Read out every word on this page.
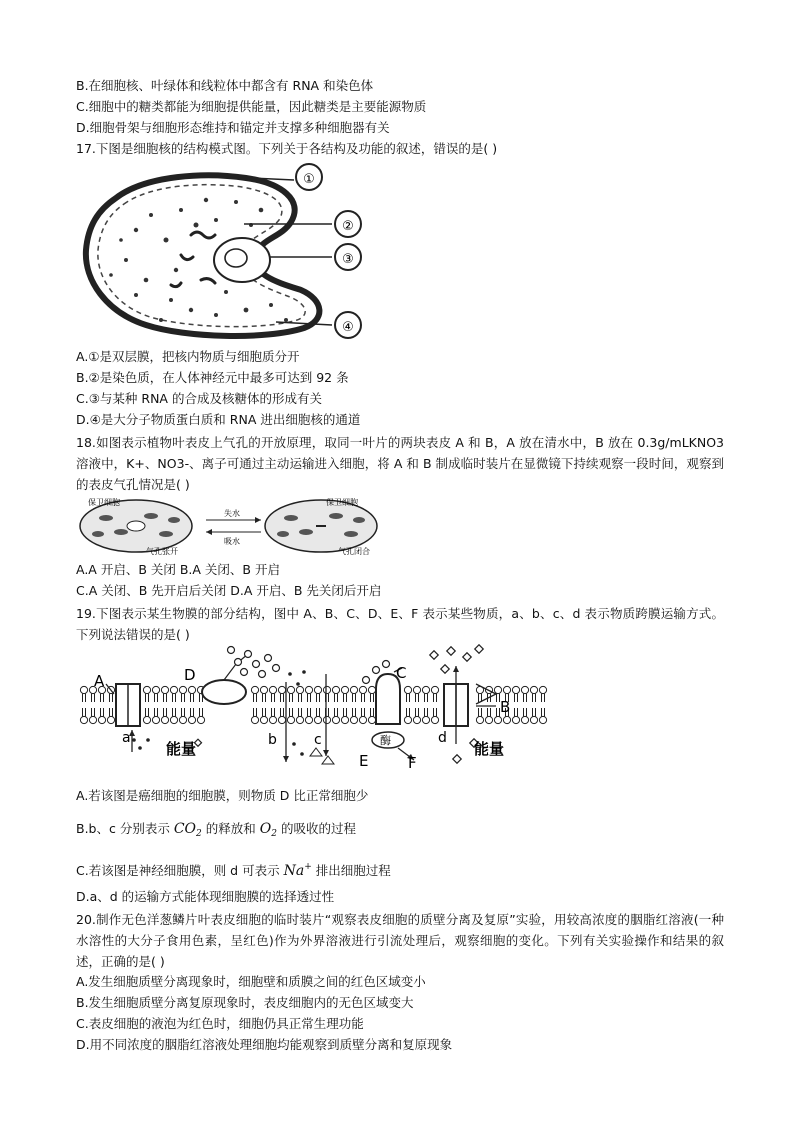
B.在细胞核、叶绿体和线粒体中都含有 RNA 和染色体
C.细胞中的糖类都能为细胞提供能量，因此糖类是主要能源物质
D.细胞骨架与细胞形态维持和锚定并支撑多种细胞器有关
17.下图是细胞核的结构模式图。下列关于各结构及功能的叙述，错误的是( )
①
②
③
④
A.①是双层膜，把核内物质与细胞质分开
B.②是染色质，在人体神经元中最多可达到 92 条
C.③与某种 RNA 的合成及核糖体的形成有关
D.④是大分子物质蛋白质和 RNA 进出细胞核的通道
18.如图表示植物叶表皮上气孔的开放原理，取同一叶片的两块表皮 A 和 B，A 放在清水中，B 放在 0.3g/mLKNO3 溶液中，K+、NO3-、离子可通过主动运输进入细胞，将 A 和 B 制成临时装片在显微镜下持续观察一段时间，观察到的表皮气孔情况是( )
保卫细胞	保卫细胞
失水
吸水
气孔张开	气孔闭合
A.A 开启、B 关闭 B.A 关闭、B 开启
C.A 关闭、B 先开启后关闭 D.A 开启、B 先关闭后开启
19.下图表示某生物膜的部分结构，图中 A、B、C、D、E、F 表示某些物质，a、b、c、d 表示物质跨膜运输方式。下列说法错误的是( )
A
B
C
D
E	F
a	b	c	d
能量	能量
酶
A.若该图是癌细胞的细胞膜，则物质 D 比正常细胞少
B.b、c 分别表示 $CO_2$ 的释放和 $O_2$ 的吸收的过程
C.若该图是神经细胞膜，则 d 可表示 Na+ 排出细胞过程
D.a、d 的运输方式能体现细胞膜的选择透过性
20.制作无色洋葱鳞片叶表皮细胞的临时装片“观察表皮细胞的质壁分离及复原”实验，用较高浓度的胭脂红溶液(一种水溶性的大分子食用色素，呈红色)作为外界溶液进行引流处理后，观察细胞的变化。下列有关实验操作和结果的叙述，正确的是( )
A.发生细胞质壁分离现象时，细胞壁和质膜之间的红色区域变小
B.发生细胞质壁分离复原现象时，表皮细胞内的无色区域变大
C.表皮细胞的液泡为红色时，细胞仍具正常生理功能
D.用不同浓度的胭脂红溶液处理细胞均能观察到质壁分离和复原现象
